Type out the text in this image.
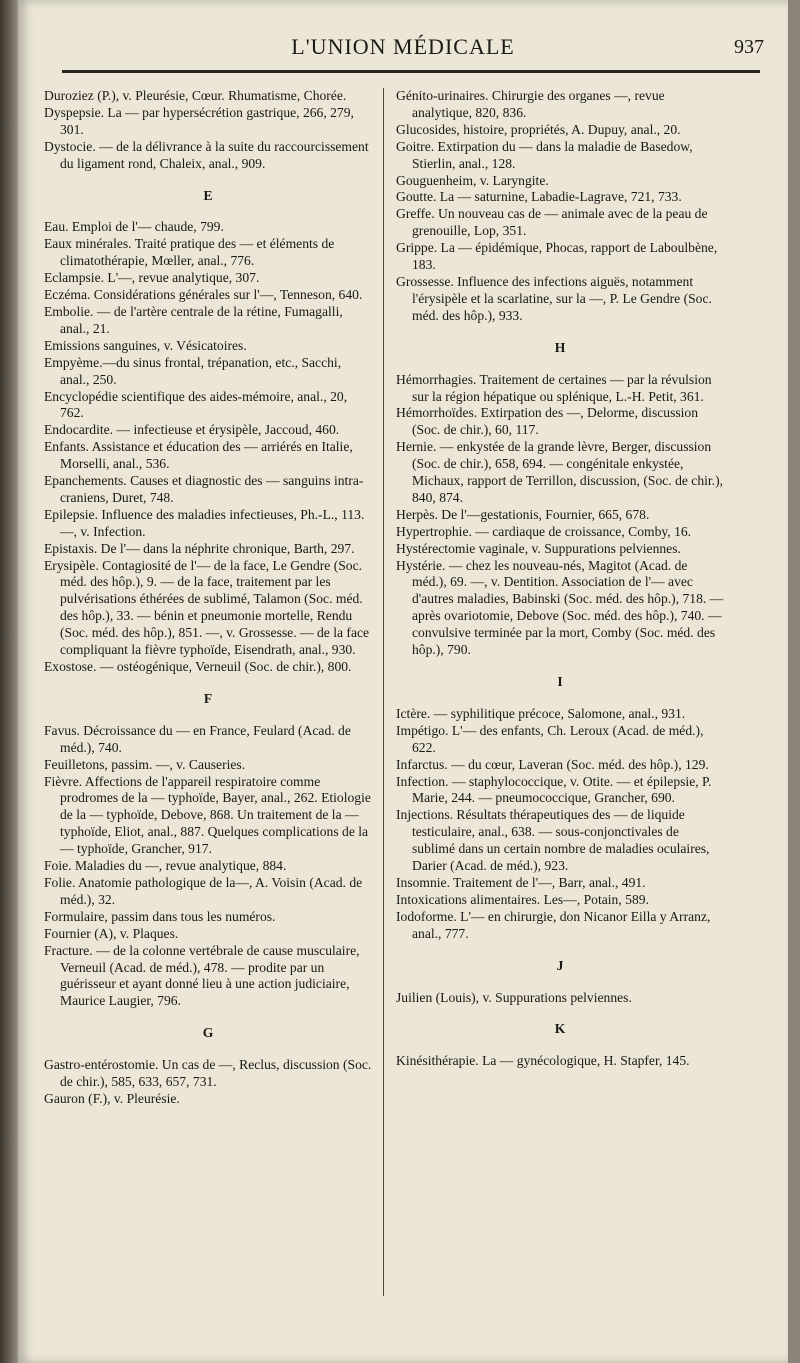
L'UNION MÉDICALE	937

Duroziez (P.), v. Pleurésie, Cœur. Rhumatisme, Chorée.

Dyspepsie. La — par hypersécrétion gastrique, 266, 279, 301.

Dystocie. — de la délivrance à la suite du raccourcissement du ligament rond, Chaleix, anal., 909.

E

Eau. Emploi de l'— chaude, 799.

Eaux minérales. Traité pratique des — et éléments de climatothérapie, Mœller, anal., 776.

Eclampsie. L'—, revue analytique, 307.

Eczéma. Considérations générales sur l'—, Tenneson, 640.

Embolie. — de l'artère centrale de la rétine, Fumagalli, anal., 21.

Emissions sanguines, v. Vésicatoires.

Empyème.—du sinus frontal, trépanation, etc., Sacchi, anal., 250.

Encyclopédie scientifique des aides-mémoire, anal., 20, 762.

Endocardite. — infectieuse et érysipèle, Jaccoud, 460.

Enfants. Assistance et éducation des — arriérés en Italie, Morselli, anal., 536.

Epanchements. Causes et diagnostic des — sanguins intra-craniens, Duret, 748.

Epilepsie. Influence des maladies infectieuses, Ph.-L., 113. —, v. Infection.

Epistaxis. De l'— dans la néphrite chronique, Barth, 297.

Erysipèle. Contagiosité de l'— de la face, Le Gendre (Soc. méd. des hôp.), 9. — de la face, traitement par les pulvérisations éthérées de sublimé, Talamon (Soc. méd. des hôp.), 33. — bénin et pneumonie mortelle, Rendu (Soc. méd. des hôp.), 851. —, v. Grossesse. — de la face compliquant la fièvre typhoïde, Eisendrath, anal., 930.

Exostose. — ostéogénique, Verneuil (Soc. de chir.), 800.

F

Favus. Décroissance du — en France, Feulard (Acad. de méd.), 740.

Feuilletons, passim. —, v. Causeries.

Fièvre. Affections de l'appareil respiratoire comme prodromes de la — typhoïde, Bayer, anal., 262. Etiologie de la — typhoïde, Debove, 868. Un traitement de la — typhoïde, Eliot, anal., 887. Quelques complications de la — typhoïde, Grancher, 917.

Foie. Maladies du —, revue analytique, 884.

Folie. Anatomie pathologique de la—, A. Voisin (Acad. de méd.), 32.

Formulaire, passim dans tous les numéros.

Fournier (A), v. Plaques.

Fracture. — de la colonne vertébrale de cause musculaire, Verneuil (Acad. de méd.), 478. — prodite par un guérisseur et ayant donné lieu à une action judiciaire, Maurice Laugier, 796.

G

Gastro-entérostomie. Un cas de —, Reclus, discussion (Soc. de chir.), 585, 633, 657, 731.

Gauron (F.), v. Pleurésie.

Génito-urinaires. Chirurgie des organes —, revue analytique, 820, 836.

Glucosides, histoire, propriétés, A. Dupuy, anal., 20.

Goitre. Extirpation du — dans la maladie de Basedow, Stierlin, anal., 128.

Gouguenheim, v. Laryngite.

Goutte. La — saturnine, Labadie-Lagrave, 721, 733.

Greffe. Un nouveau cas de — animale avec de la peau de grenouille, Lop, 351.

Grippe. La — épidémique, Phocas, rapport de Laboulbène, 183.

Grossesse. Influence des infections aiguës, notamment l'érysipèle et la scarlatine, sur la —, P. Le Gendre (Soc. méd. des hôp.), 933.

H

Hémorrhagies. Traitement de certaines — par la révulsion sur la région hépatique ou splénique, L.-H. Petit, 361.

Hémorrhoïdes. Extirpation des —, Delorme, discussion (Soc. de chir.), 60, 117.

Hernie. — enkystée de la grande lèvre, Berger, discussion (Soc. de chir.), 658, 694. — congénitale enkystée, Michaux, rapport de Terrillon, discussion, (Soc. de chir.), 840, 874.

Herpès. De l'—gestationis, Fournier, 665, 678.

Hypertrophie. — cardiaque de croissance, Comby, 16.

Hystérectomie vaginale, v. Suppurations pelviennes.

Hystérie. — chez les nouveau-nés, Magitot (Acad. de méd.), 69. —, v. Dentition. Association de l'— avec d'autres maladies, Babinski (Soc. méd. des hôp.), 718. — après ovariotomie, Debove (Soc. méd. des hôp.), 740. — convulsive terminée par la mort, Comby (Soc. méd. des hôp.), 790.

I

Ictère. — syphilitique précoce, Salomone, anal., 931.

Impétigo. L'— des enfants, Ch. Leroux (Acad. de méd.), 622.

Infarctus. — du cœur, Laveran (Soc. méd. des hôp.), 129.

Infection. — staphylococcique, v. Otite. — et épilepsie, P. Marie, 244. — pneumococcique, Grancher, 690.

Injections. Résultats thérapeutiques des — de liquide testiculaire, anal., 638. — sous-conjonctivales de sublimé dans un certain nombre de maladies oculaires, Darier (Acad. de méd.), 923.

Insomnie. Traitement de l'—, Barr, anal., 491.

Intoxications alimentaires. Les—, Potain, 589.

Iodoforme. L'— en chirurgie, don Nicanor Eilla y Arranz, anal., 777.

J

Juilien (Louis), v. Suppurations pelviennes.

K

Kinésithérapie. La — gynécologique, H. Stapfer, 145.
